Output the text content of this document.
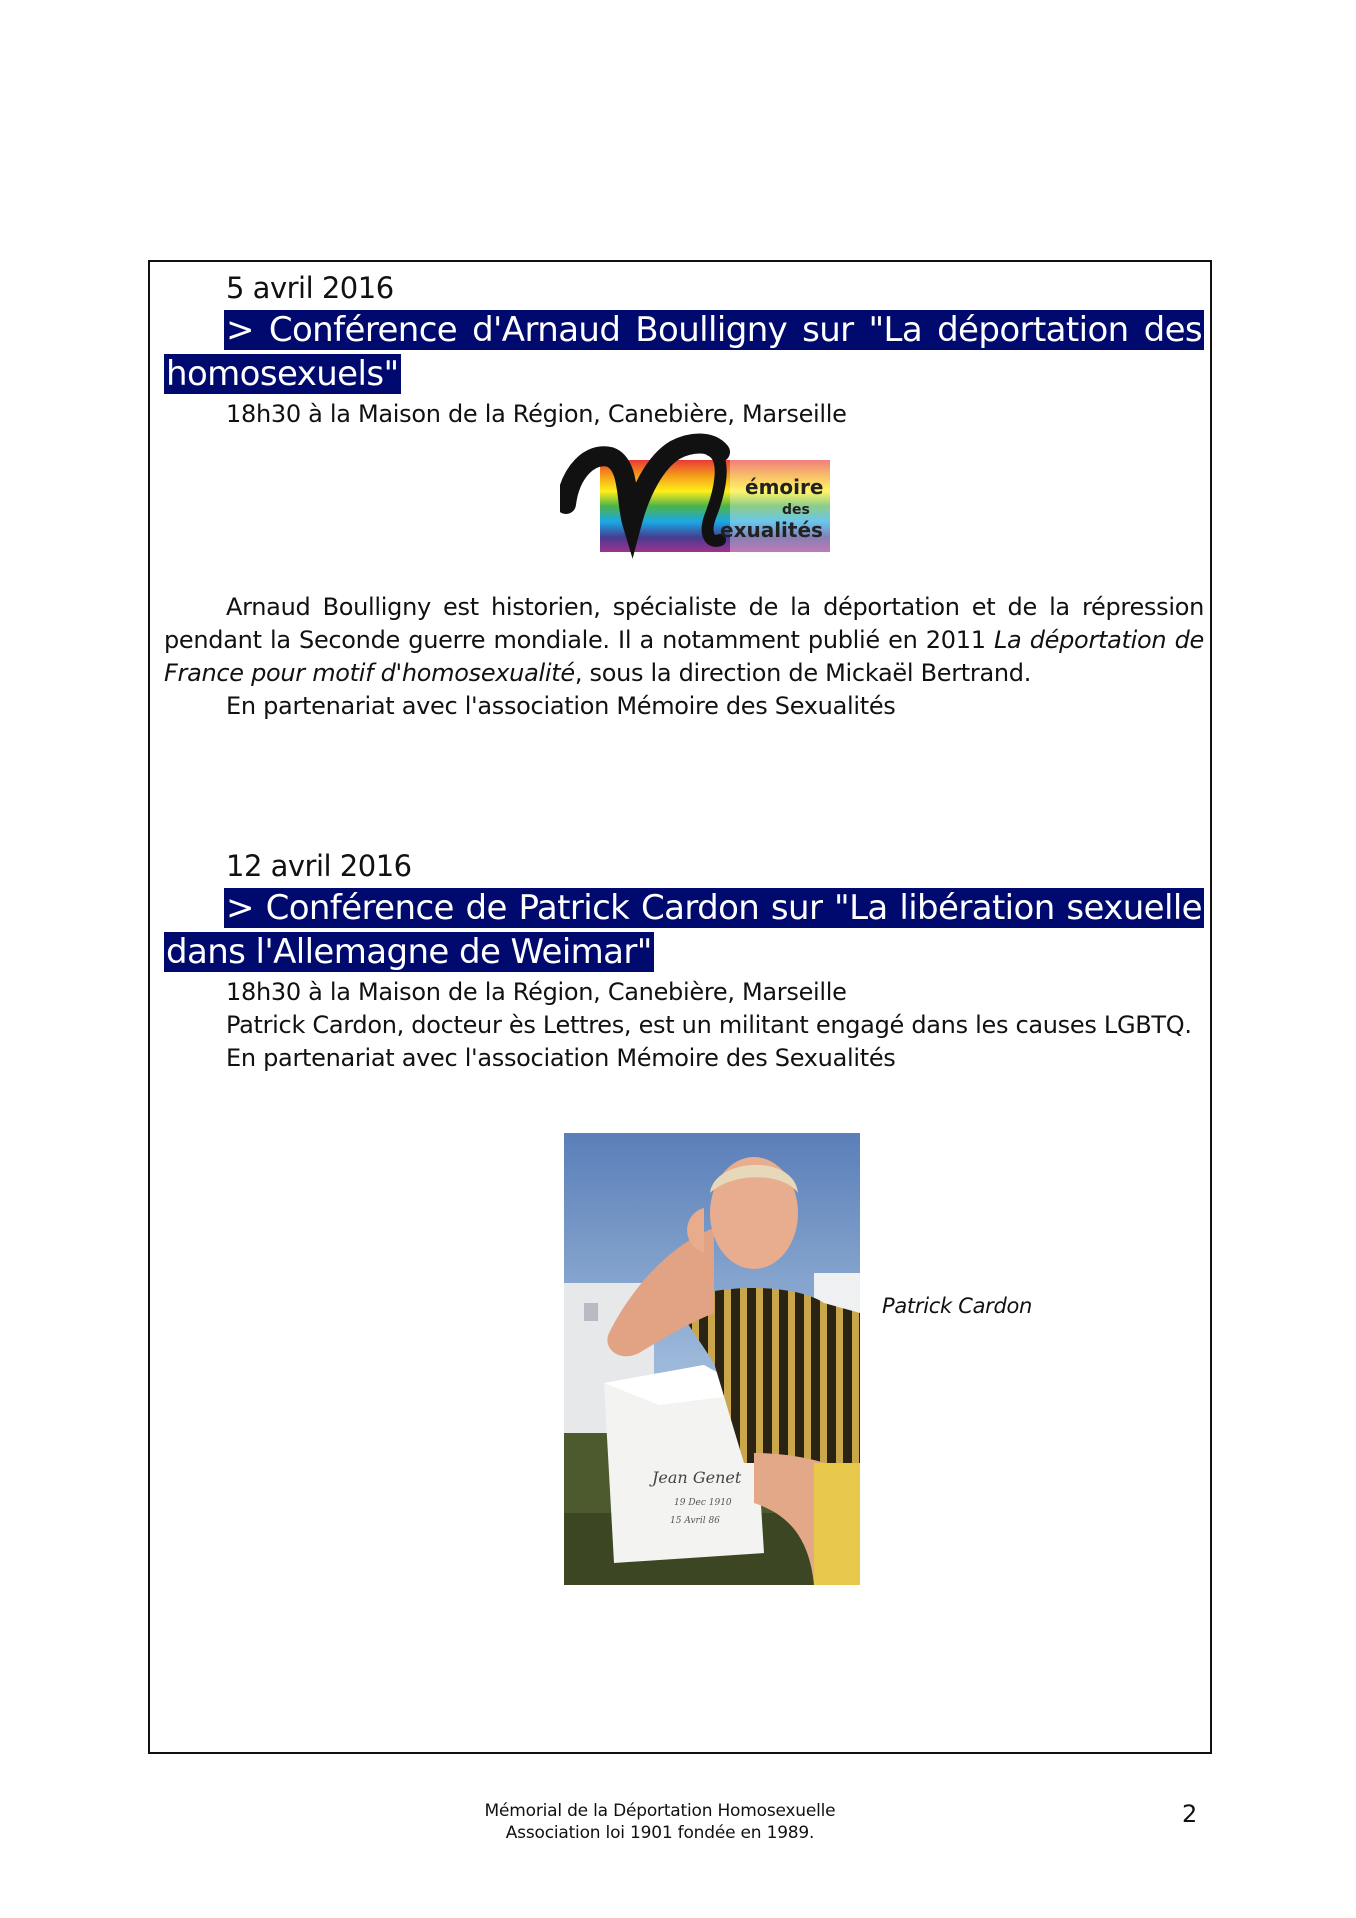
5 avril 2016
> Conférence d'Arnaud Boulligny sur "La déportation des homosexuels"
18h30 à la Maison de la Région, Canebière, Marseille
Arnaud Boulligny est historien, spécialiste de la déportation et de la répression pendant la Seconde guerre mondiale. Il a notamment publié en 2011 La déportation de France pour motif d'homosexualité, sous la direction de Mickaël Bertrand.
En partenariat avec l'association Mémoire des Sexualités
12 avril 2016
> Conférence de Patrick Cardon sur "La libération sexuelle dans l'Allemagne de Weimar"
18h30 à la Maison de la Région, Canebière, Marseille
Patrick Cardon, docteur ès Lettres, est un militant engagé dans les causes LGBTQ.
En partenariat avec l'association Mémoire des Sexualités
émoire
des
exualités
Jean Genet
19 Dec 1910
15 Avril 86
Patrick Cardon
Mémorial de la Déportation Homosexuelle
Association loi 1901 fondée en 1989.
2
